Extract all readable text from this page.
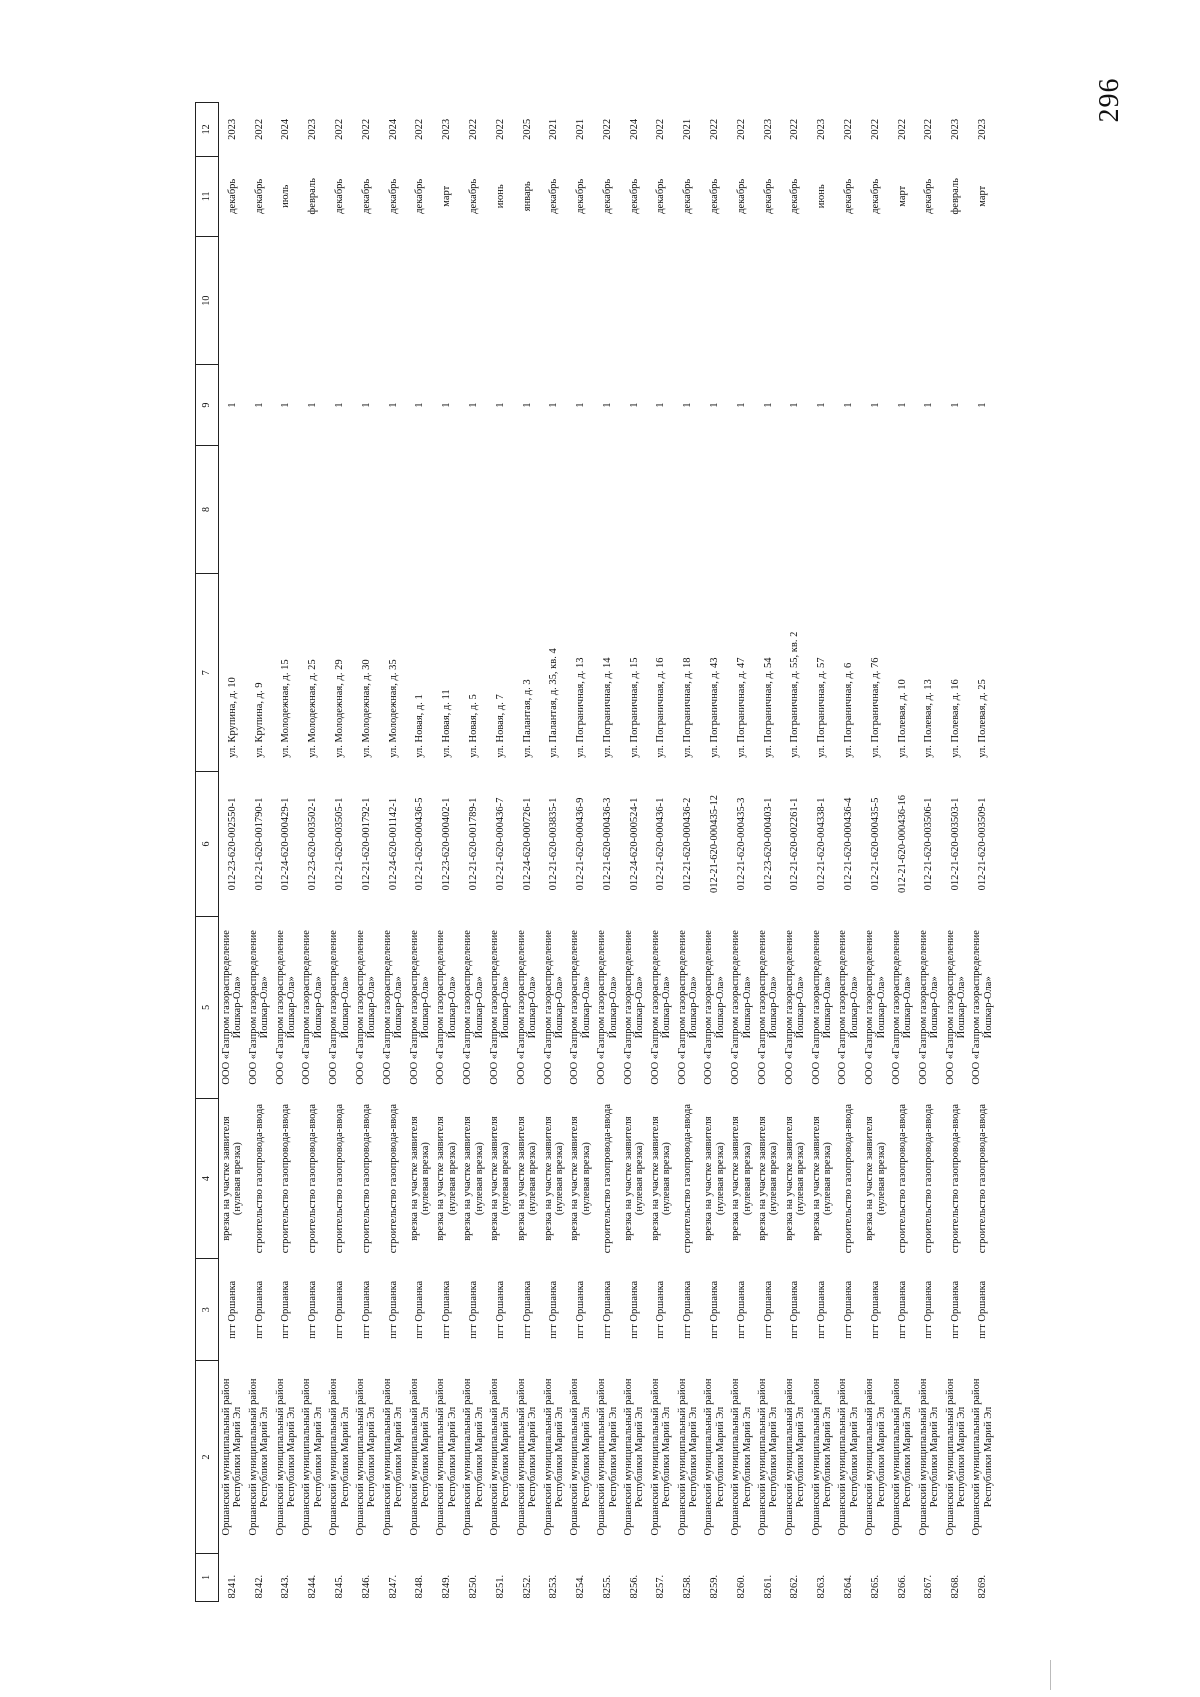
296
1	2	3	4	5	6	7	8	9	10	11	12
8241.	Оршанский муниципальный район Республики Марий Эл	пгт Оршанка	врезка на участке заявителя (нулевая врезка)	ООО «Газпром газораспределение Йошкар-Ола»	012-23-620-002550-1	ул. Крупина, д. 10		1		декабрь	2023
8242.	Оршанский муниципальный район Республики Марий Эл	пгт Оршанка	строительство газопровода-ввода	ООО «Газпром газораспределение Йошкар-Ола»	012-21-620-001790-1	ул. Крупина, д. 9		1		декабрь	2022
8243.	Оршанский муниципальный район Республики Марий Эл	пгт Оршанка	строительство газопровода-ввода	ООО «Газпром газораспределение Йошкар-Ола»	012-24-620-000429-1	ул. Молодежная, д. 15		1		июль	2024
8244.	Оршанский муниципальный район Республики Марий Эл	пгт Оршанка	строительство газопровода-ввода	ООО «Газпром газораспределение Йошкар-Ола»	012-23-620-003502-1	ул. Молодежная, д. 25		1		февраль	2023
8245.	Оршанский муниципальный район Республики Марий Эл	пгт Оршанка	строительство газопровода-ввода	ООО «Газпром газораспределение Йошкар-Ола»	012-21-620-003505-1	ул. Молодежная, д. 29		1		декабрь	2022
8246.	Оршанский муниципальный район Республики Марий Эл	пгт Оршанка	строительство газопровода-ввода	ООО «Газпром газораспределение Йошкар-Ола»	012-21-620-001792-1	ул. Молодежная, д. 30		1		декабрь	2022
8247.	Оршанский муниципальный район Республики Марий Эл	пгт Оршанка	строительство газопровода-ввода	ООО «Газпром газораспределение Йошкар-Ола»	012-24-620-001142-1	ул. Молодежная, д. 35		1		декабрь	2024
8248.	Оршанский муниципальный район Республики Марий Эл	пгт Оршанка	врезка на участке заявителя (нулевая врезка)	ООО «Газпром газораспределение Йошкар-Ола»	012-21-620-000436-5	ул. Новая, д. 1		1		декабрь	2022
8249.	Оршанский муниципальный район Республики Марий Эл	пгт Оршанка	врезка на участке заявителя (нулевая врезка)	ООО «Газпром газораспределение Йошкар-Ола»	012-23-620-000402-1	ул. Новая, д. 11		1		март	2023
8250.	Оршанский муниципальный район Республики Марий Эл	пгт Оршанка	врезка на участке заявителя (нулевая врезка)	ООО «Газпром газораспределение Йошкар-Ола»	012-21-620-001789-1	ул. Новая, д. 5		1		декабрь	2022
8251.	Оршанский муниципальный район Республики Марий Эл	пгт Оршанка	врезка на участке заявителя (нулевая врезка)	ООО «Газпром газораспределение Йошкар-Ола»	012-21-620-000436-7	ул. Новая, д. 7		1		июнь	2022
8252.	Оршанский муниципальный район Республики Марий Эл	пгт Оршанка	врезка на участке заявителя (нулевая врезка)	ООО «Газпром газораспределение Йошкар-Ола»	012-24-620-000726-1	ул. Палантая, д. 3		1		январь	2025
8253.	Оршанский муниципальный район Республики Марий Эл	пгт Оршанка	врезка на участке заявителя (нулевая врезка)	ООО «Газпром газораспределение Йошкар-Ола»	012-21-620-003835-1	ул. Палантая, д. 35, кв. 4		1		декабрь	2021
8254.	Оршанский муниципальный район Республики Марий Эл	пгт Оршанка	врезка на участке заявителя (нулевая врезка)	ООО «Газпром газораспределение Йошкар-Ола»	012-21-620-000436-9	ул. Пограничная, д. 13		1		декабрь	2021
8255.	Оршанский муниципальный район Республики Марий Эл	пгт Оршанка	строительство газопровода-ввода	ООО «Газпром газораспределение Йошкар-Ола»	012-21-620-000436-3	ул. Пограничная, д. 14		1		декабрь	2022
8256.	Оршанский муниципальный район Республики Марий Эл	пгт Оршанка	врезка на участке заявителя (нулевая врезка)	ООО «Газпром газораспределение Йошкар-Ола»	012-24-620-000524-1	ул. Пограничная, д. 15		1		декабрь	2024
8257.	Оршанский муниципальный район Республики Марий Эл	пгт Оршанка	врезка на участке заявителя (нулевая врезка)	ООО «Газпром газораспределение Йошкар-Ола»	012-21-620-000436-1	ул. Пограничная, д. 16		1		декабрь	2022
8258.	Оршанский муниципальный район Республики Марий Эл	пгт Оршанка	строительство газопровода-ввода	ООО «Газпром газораспределение Йошкар-Ола»	012-21-620-000436-2	ул. Пограничная, д. 18		1		декабрь	2021
8259.	Оршанский муниципальный район Республики Марий Эл	пгт Оршанка	врезка на участке заявителя (нулевая врезка)	ООО «Газпром газораспределение Йошкар-Ола»	012-21-620-000435-12	ул. Пограничная, д. 43		1		декабрь	2022
8260.	Оршанский муниципальный район Республики Марий Эл	пгт Оршанка	врезка на участке заявителя (нулевая врезка)	ООО «Газпром газораспределение Йошкар-Ола»	012-21-620-000435-3	ул. Пограничная, д. 47		1		декабрь	2022
8261.	Оршанский муниципальный район Республики Марий Эл	пгт Оршанка	врезка на участке заявителя (нулевая врезка)	ООО «Газпром газораспределение Йошкар-Ола»	012-23-620-000403-1	ул. Пограничная, д. 54		1		декабрь	2023
8262.	Оршанский муниципальный район Республики Марий Эл	пгт Оршанка	врезка на участке заявителя (нулевая врезка)	ООО «Газпром газораспределение Йошкар-Ола»	012-21-620-002261-1	ул. Пограничная, д. 55, кв. 2		1		декабрь	2022
8263.	Оршанский муниципальный район Республики Марий Эл	пгт Оршанка	врезка на участке заявителя (нулевая врезка)	ООО «Газпром газораспределение Йошкар-Ола»	012-21-620-004338-1	ул. Пограничная, д. 57		1		июнь	2023
8264.	Оршанский муниципальный район Республики Марий Эл	пгт Оршанка	строительство газопровода-ввода	ООО «Газпром газораспределение Йошкар-Ола»	012-21-620-000436-4	ул. Пограничная, д. 6		1		декабрь	2022
8265.	Оршанский муниципальный район Республики Марий Эл	пгт Оршанка	врезка на участке заявителя (нулевая врезка)	ООО «Газпром газораспределение Йошкар-Ола»	012-21-620-000435-5	ул. Пограничная, д. 76		1		декабрь	2022
8266.	Оршанский муниципальный район Республики Марий Эл	пгт Оршанка	строительство газопровода-ввода	ООО «Газпром газораспределение Йошкар-Ола»	012-21-620-000436-16	ул. Полевая, д. 10		1		март	2022
8267.	Оршанский муниципальный район Республики Марий Эл	пгт Оршанка	строительство газопровода-ввода	ООО «Газпром газораспределение Йошкар-Ола»	012-21-620-003506-1	ул. Полевая, д. 13		1		декабрь	2022
8268.	Оршанский муниципальный район Республики Марий Эл	пгт Оршанка	строительство газопровода-ввода	ООО «Газпром газораспределение Йошкар-Ола»	012-21-620-003503-1	ул. Полевая, д. 16		1		февраль	2023
8269.	Оршанский муниципальный район Республики Марий Эл	пгт Оршанка	строительство газопровода-ввода	ООО «Газпром газораспределение Йошкар-Ола»	012-21-620-003509-1	ул. Полевая, д. 25		1		март	2023
